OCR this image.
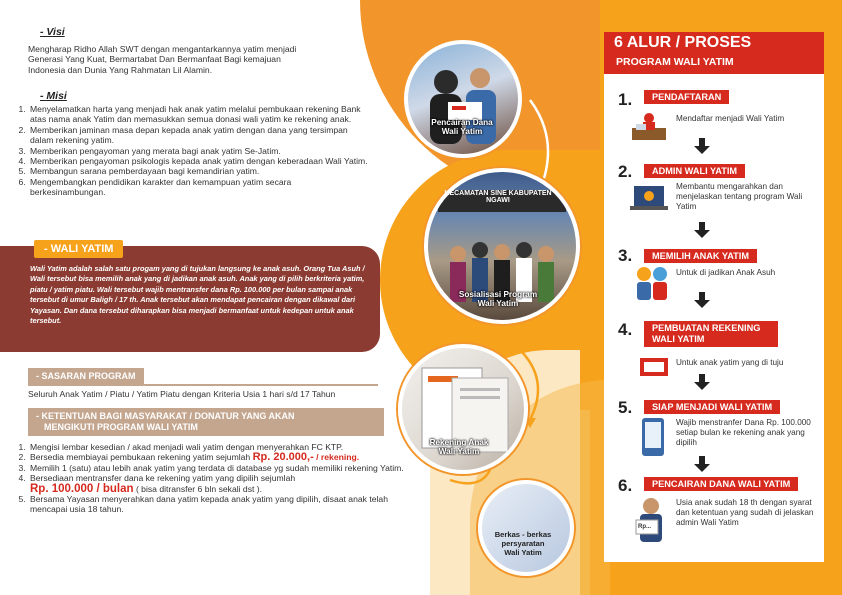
- Visi
Mengharap Ridho Allah SWT dengan mengantarkannya yatim menjadi Generasi Yang Kuat, Bermartabat Dan Bermanfaat Bagi kemajuan Indonesia dan Dunia Yang Rahmatan Lil Alamin.
- Misi
1. Menyelamatkan harta yang menjadi hak anak yatim melalui pembukaan rekening Bank atas nama anak Yatim dan memasukkan semua donasi wali yatim ke rekening anak.
2. Memberikan jaminan masa depan kepada anak yatim dengan dana yang tersimpan dalam rekening yatim.
3. Memberikan pengayoman yang merata bagi anak yatim Se-Jatim.
4. Memberikan pengayoman psikologis kepada anak yatim dengan keberadaan Wali Yatim.
5. Membangun sarana pemberdayaan bagi kemandirian yatim.
6. Mengembangkan pendidikan karakter dan kemampuan yatim secara berkesinambungan.
- WALI YATIM
Wali Yatim adalah salah satu progam yang di tujukan langsung ke anak asuh. Orang Tua Asuh / Wali tersebut bisa memilih anak yang di jadikan anak asuh. Anak yang di pilih berkriteria yatim, piatu / yatim piatu. Wali tersebut wajib mentransfer dana Rp. 100.000 per bulan sampai anak tersebut di umur Baligh / 17 th. Anak tersebut akan mendapat pencairan dengan dikawal dari Yayasan. Dan dana tersebut diharapkan bisa menjadi bermanfaat untuk kedepan untuk anak tersebut.
- SASARAN PROGRAM
Seluruh Anak Yatim / Piatu / Yatim Piatu dengan Kriteria Usia 1 hari s/d 17 Tahun
- KETENTUAN BAGI MASYARAKAT / DONATUR YANG AKAN
MENGIKUTI PROGRAM WALI YATIM
1. Mengisi lembar kesedian / akad menjadi wali yatim dengan menyerahkan FC KTP.
2. Bersedia membiayai pembukaan rekening yatim sejumlah Rp. 20.000,- / rekening.
3. Memilih 1 (satu) atau lebih anak yatim yang terdata di database yg sudah memiliki rekening Yatim.
4. Bersediaan mentransfer dana ke rekening yatim yang dipilih sejumlah
Rp. 100.000 / bulan ( bisa ditransfer 6 bln sekali dst ).
5. Bersama Yayasan menyerahkan dana yatim kepada anak yatim yang dipilih, disaat anak telah mencapai usia 18 tahun.
Pencairan Dana
Wali Yatim
KECAMATAN SINE KABUPATEN NGAWI
Sosialisasi Program
Wali Yatim
Rekening Anak
Wali Yatim
Berkas - berkas
persyaratan
Wali Yatim
6 ALUR / PROSES
PROGRAM WALI YATIM
1.	PENDAFTARAN
Mendaftar menjadi Wali Yatim
2.	ADMIN WALI YATIM
Membantu mengarahkan dan menjelaskan tentang program Wali Yatim
3.	MEMILIH ANAK YATIM
Untuk di jadikan Anak Asuh
4.	PEMBUATAN REKENING WALI YATIM
Untuk anak yatim yang di tuju
5.	SIAP MENJADI WALI YATIM
Wajib menstranfer Dana Rp. 100.000 setiap bulan ke rekening anak yang dipilih
6.	PENCAIRAN DANA WALI YATIM
Rp...
Usia anak sudah 18 th dengan syarat dan ketentuan yang sudah di jelaskan admin Wali Yatim
